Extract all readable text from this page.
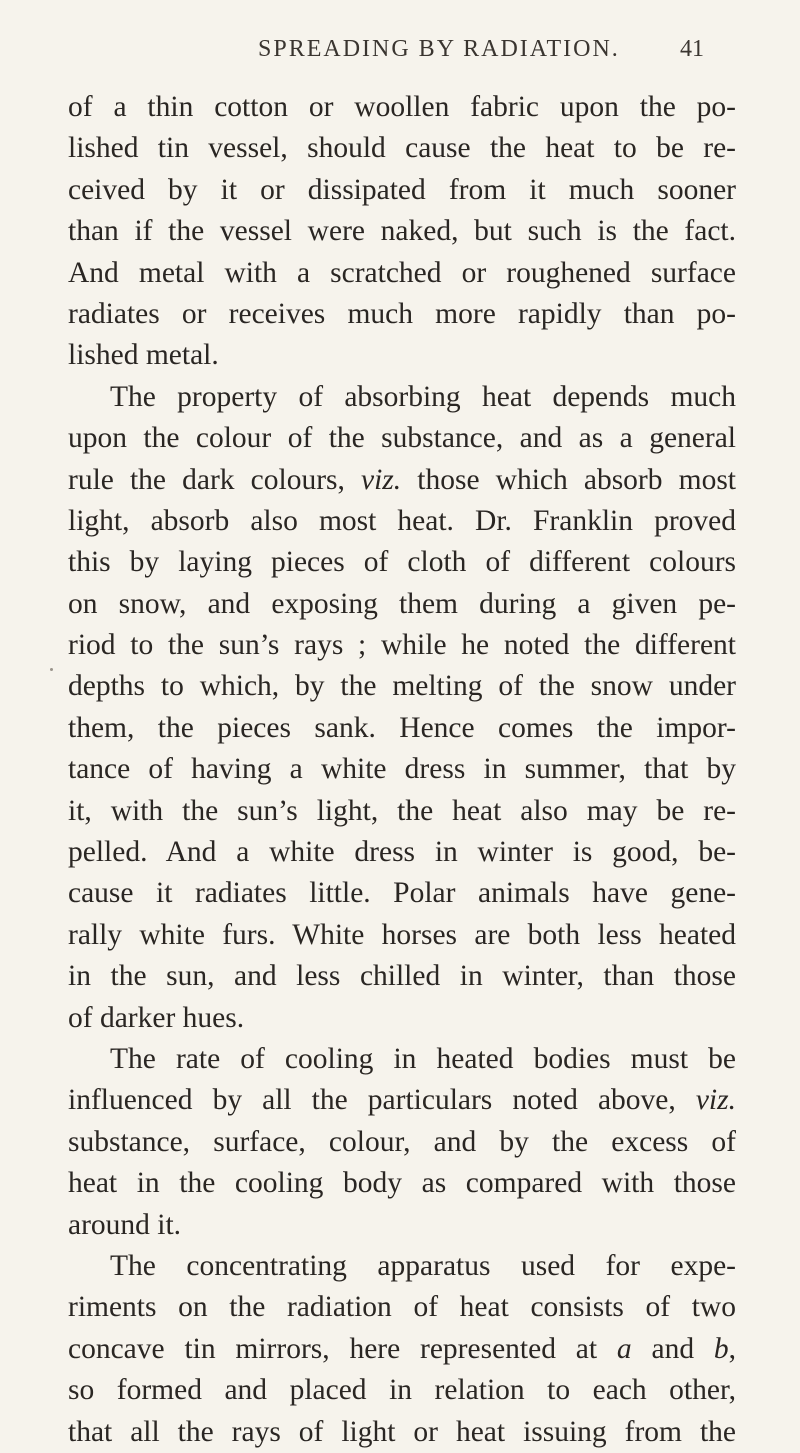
SPREADING BY RADIATION.	41
of a thin cotton or woollen fabric upon the po-
lished tin vessel, should cause the heat to be re-
ceived by it or dissipated from it much sooner
than if the vessel were naked, but such is the fact.
And metal with a scratched or roughened surface
radiates or receives much more rapidly than po-
lished metal.
The property of absorbing heat depends much
upon the colour of the substance, and as a general
rule the dark colours, viz. those which absorb most
light, absorb also most heat. Dr. Franklin proved
this by laying pieces of cloth of different colours
on snow, and exposing them during a given pe-
riod to the sun’s rays ; while he noted the different
depths to which, by the melting of the snow under
them, the pieces sank. Hence comes the impor-
tance of having a white dress in summer, that by
it, with the sun’s light, the heat also may be re-
pelled. And a white dress in winter is good, be-
cause it radiates little. Polar animals have gene-
rally white furs. White horses are both less heated
in the sun, and less chilled in winter, than those
of darker hues.
The rate of cooling in heated bodies must be
influenced by all the particulars noted above, viz.
substance, surface, colour, and by the excess of
heat in the cooling body as compared with those
around it.
The concentrating apparatus used for expe-
riments on the radiation of heat consists of two
concave tin mirrors, here represented at a and b,
so formed and placed in relation to each other,
that all the rays of light or heat issuing from the
